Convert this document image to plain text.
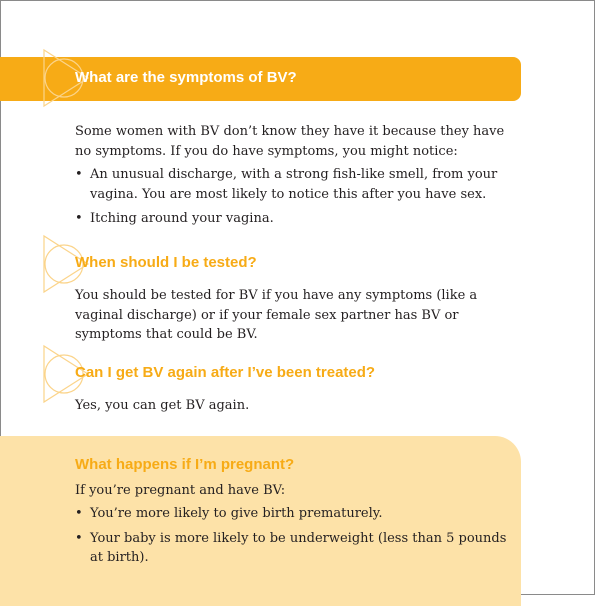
What are the symptoms of BV?

Some women with BV don’t know they have it because they have no symptoms. If you do have symptoms, you might notice:

• An unusual discharge, with a strong fish-like smell, from your vagina. You are most likely to notice this after you have sex.
• Itching around your vagina.
When should I be tested?

You should be tested for BV if you have any symptoms (like a vaginal discharge) or if your female sex partner has BV or symptoms that could be BV.

Can I get BV again after I’ve been treated?

Yes, you can get BV again.

What happens if I’m pregnant?

If you’re pregnant and have BV:

• You’re more likely to give birth prematurely.
• Your baby is more likely to be underweight (less than 5 pounds at birth).
